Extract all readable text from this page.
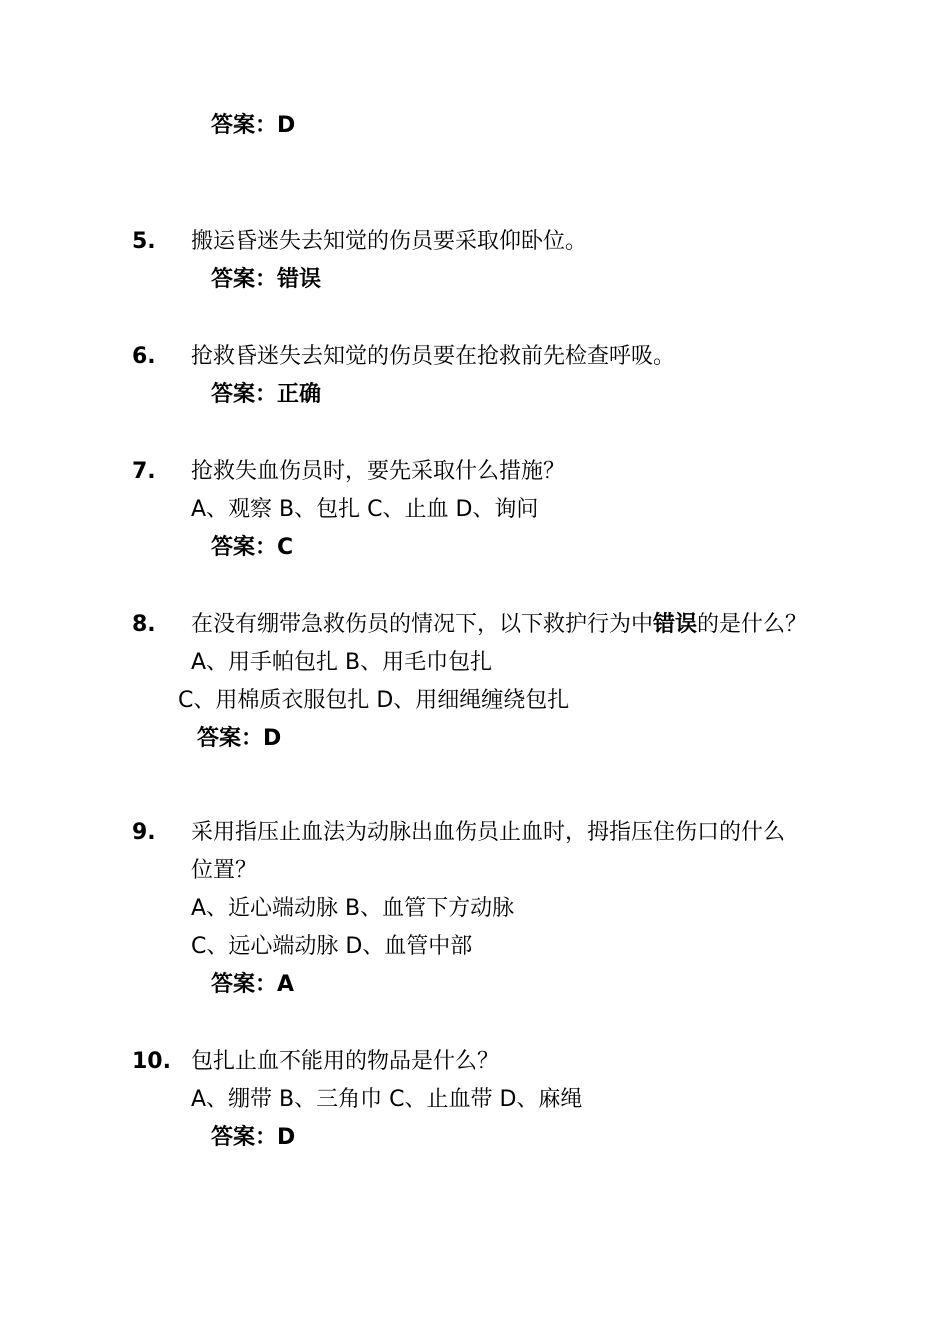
答案：D
5. 搬运昏迷失去知觉的伤员要采取仰卧位。
答案：错误
6. 抢救昏迷失去知觉的伤员要在抢救前先检查呼吸。
答案：正确
7. 抢救失血伤员时，要先采取什么措施？
A、观察 B、包扎 C、止血 D、询问
答案：C
8. 在没有绷带急救伤员的情况下，以下救护行为中错误的是什么？
A、用手帕包扎 B、用毛巾包扎
C、用棉质衣服包扎 D、用细绳缠绕包扎
答案：D
9. 采用指压止血法为动脉出血伤员止血时，拇指压住伤口的什么
位置？
A、近心端动脉 B、血管下方动脉
C、远心端动脉 D、血管中部
答案：A
10. 包扎止血不能用的物品是什么？
A、绷带 B、三角巾 C、止血带 D、麻绳
答案：D
